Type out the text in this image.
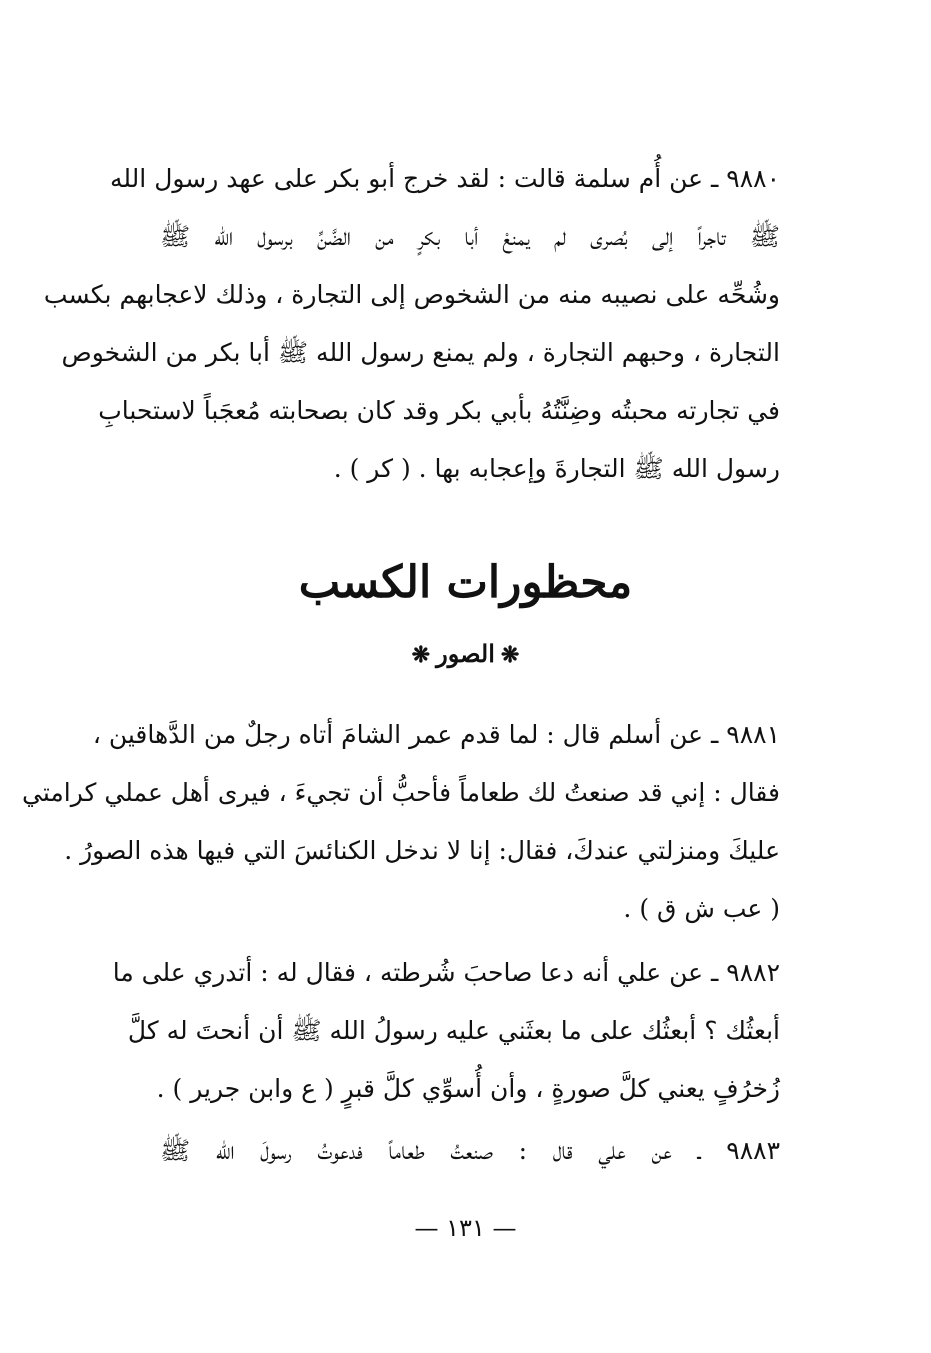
٩٨٨٠ ـ عن أُم سلمة قالت : لقد خرج أبو بكر على عهد رسول الله
ﷺ تاجراً إلى بُصرى لم يمنعْ أبا بكرٍ من الضَّنِّ برسول الله ﷺ
وشُحِّه على نصيبه منه من الشخوص إلى التجارة ، وذلك لاعجابهم بكسب
التجارة ، وحبهم التجارة ، ولم يمنع رسول الله ﷺ أبا بكر من الشخوص
في تجارته محبتُه وضِنَّتُهُ بأبي بكر وقد كان بصحابته مُعجَباً لاستحبابِ
رسول الله ﷺ التجارةَ وإعجابه بها . ( كر ) .
محظورات الكسب
❋الصور❋
٩٨٨١ ـ عن أسلم قال : لما قدم عمر الشامَ أتاه رجلٌ من الدَّهاقين ،
فقال : إني قد صنعتُ لك طعاماً فأحبُّ أن تجيءَ ، فيرى أهل عملي كرامتي
عليكَ ومنزلتي عندكَ، فقال: إنا لا ندخل الكنائسَ التي فيها هذه الصورُ .
( عب ش ق ) .
٩٨٨٢ ـ عن علي أنه دعا صاحبَ شُرطته ، فقال له : أتدري على ما
أبعثُك ؟ أبعثُك على ما بعثَني عليه رسولُ الله ﷺ أن أنحتَ له كلَّ
زُخرُفٍ يعني كلَّ صورةٍ ، وأن أُسوِّي كلَّ قبرٍ ( ع وابن جرير ) .
٩٨٨٣ ـ عن علي قال : صنعتُ طعاماً فدعوتُ رسولَ الله ﷺ
— ١٣١ —
